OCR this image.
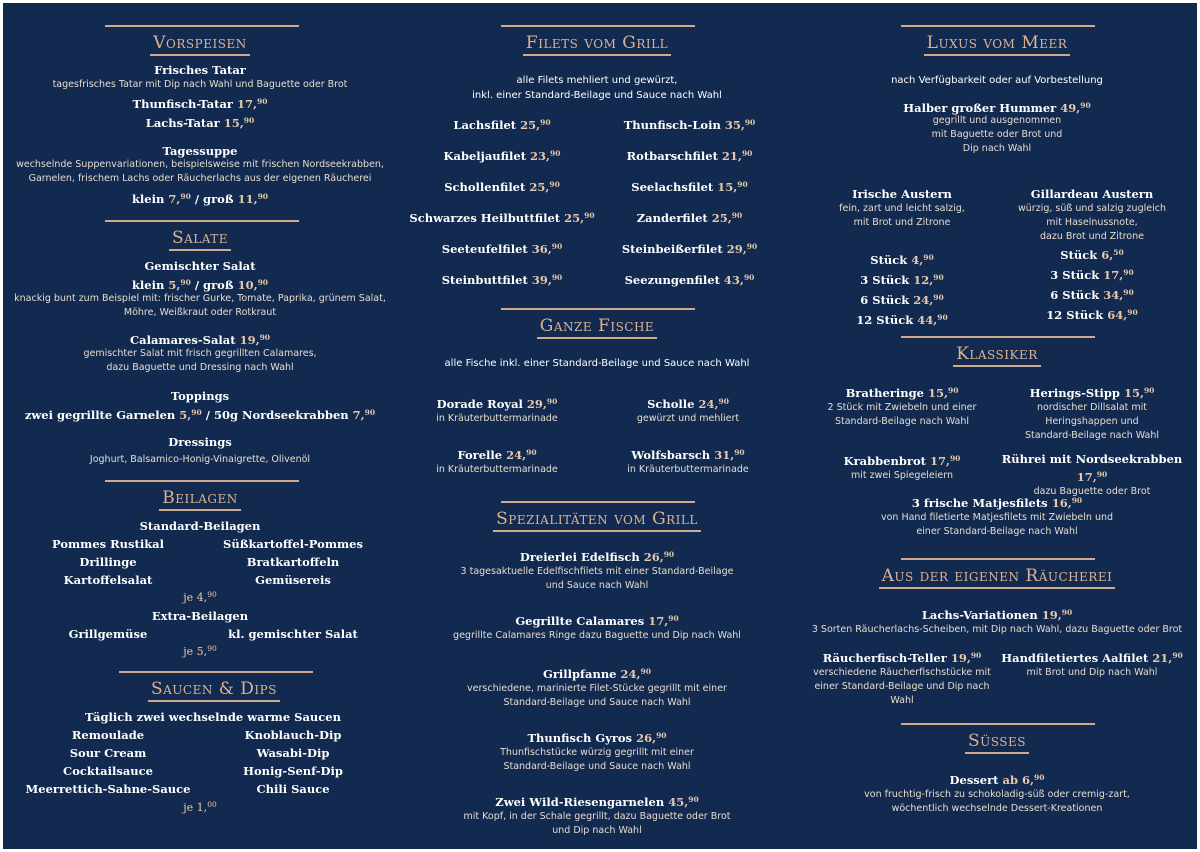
Vorspeisen
Frisches Tatar
tagesfrisches Tatar mit Dip nach Wahl und Baguette oder Brot
Thunfisch-Tatar 17,90
Lachs-Tatar 15,90
Tagessuppe
wechselnde Suppenvariationen, beispielsweise mit frischen Nordseekrabben,
Garnelen, frischem Lachs oder Räucherlachs aus der eigenen Räucherei
klein 7,90 / groß 11,90
Salate
Gemischter Salat
klein 5,90 / groß 10,90
knackig bunt zum Beispiel mit: frischer Gurke, Tomate, Paprika, grünem Salat,
Möhre, Weißkraut oder Rotkraut
Calamares-Salat 19,90
gemischter Salat mit frisch gegrillten Calamares,
dazu Baguette und Dressing nach Wahl
Toppings
zwei gegrillte Garnelen 5,90 / 50g Nordseekrabben 7,90
Dressings
Joghurt, Balsamico-Honig-Vinaigrette, Olivenöl
Beilagen
Standard-Beilagen
Pommes Rustikal
Drillinge
Kartoffelsalat
Süßkartoffel-Pommes
Bratkartoffeln
Gemüsereis
je 4,90
Extra-Beilagen
Grillgemüse	kl. gemischter Salat
je 5,90
Saucen & Dips
Täglich zwei wechselnde warme Saucen
Remoulade
Sour Cream
Cocktailsauce
Meerrettich-Sahne-Sauce
Knoblauch-Dip
Wasabi-Dip
Honig-Senf-Dip
Chili Sauce
je 1,00
Filets vom Grill
alle Filets mehliert und gewürzt,
inkl. einer Standard-Beilage und Sauce nach Wahl
Lachsfilet 25,90
Kabeljaufilet 23,90
Schollenfilet 25,90
Schwarzes Heilbuttfilet 25,90
Seeteufelfilet 36,90
Steinbuttfilet 39,90
Thunfisch-Loin 35,90
Rotbarschfilet 21,90
Seelachsfilet 15,90
Zanderfilet 25,90
Steinbeißerfilet 29,90
Seezungenfilet 43,90
Ganze Fische
alle Fische inkl. einer Standard-Beilage und Sauce nach Wahl
Dorade Royal 29,90
in Kräuterbuttermarinade
Scholle 24,90
gewürzt und mehliert
Forelle 24,90
in Kräuterbuttermarinade
Wolfsbarsch 31,90
in Kräuterbuttermarinade
Spezialitäten vom Grill
Dreierlei Edelfisch 26,90
3 tagesaktuelle Edelfischfilets mit einer Standard-Beilage
und Sauce nach Wahl
Gegrillte Calamares 17,90
gegrillte Calamares Ringe dazu Baguette und Dip nach Wahl
Grillpfanne 24,90
verschiedene, marinierte Filet-Stücke gegrillt mit einer
Standard-Beilage und Sauce nach Wahl
Thunfisch Gyros 26,90
Thunfischstücke würzig gegrillt mit einer
Standard-Beilage und Sauce nach Wahl
Zwei Wild-Riesengarnelen 45,90
mit Kopf, in der Schale gegrillt, dazu Baguette oder Brot
und Dip nach Wahl
Luxus vom Meer
nach Verfügbarkeit oder auf Vorbestellung
Halber großer Hummer 49,90
gegrillt und ausgenommen
mit Baguette oder Brot und
Dip nach Wahl
Irische Austern
fein, zart und leicht salzig,
mit Brot und Zitrone
Stück 4,90
3 Stück 12,90
6 Stück 24,90
12 Stück 44,90
Gillardeau Austern
würzig, süß und salzig zugleich
mit Haselnussnote,
dazu Brot und Zitrone
Stück 6,50
3 Stück 17,90
6 Stück 34,90
12 Stück 64,90
Klassiker
Bratheringe 15,90
2 Stück mit Zwiebeln und einer
Standard-Beilage nach Wahl
Herings-Stipp 15,90
nordischer Dillsalat mit
Heringshappen und
Standard-Beilage nach Wahl
Krabbenbrot 17,90
mit zwei Spiegeleiern
Rührei mit Nordseekrabben 17,90
dazu Baguette oder Brot
3 frische Matjesfilets 16,90
von Hand filetierte Matjesfilets mit Zwiebeln und
einer Standard-Beilage nach Wahl
Aus der eigenen Räucherei
Lachs-Variationen 19,90
3 Sorten Räucherlachs-Scheiben, mit Dip nach Wahl, dazu Baguette oder Brot
Räucherfisch-Teller 19,90
verschiedene Räucherfischstücke mit
einer Standard-Beilage und Dip nach
Wahl
Handfiletiertes Aalfilet 21,90
mit Brot und Dip nach Wahl
Süsses
Dessert ab 6,90
von fruchtig-frisch zu schokoladig-süß oder cremig-zart,
wöchentlich wechselnde Dessert-Kreationen
